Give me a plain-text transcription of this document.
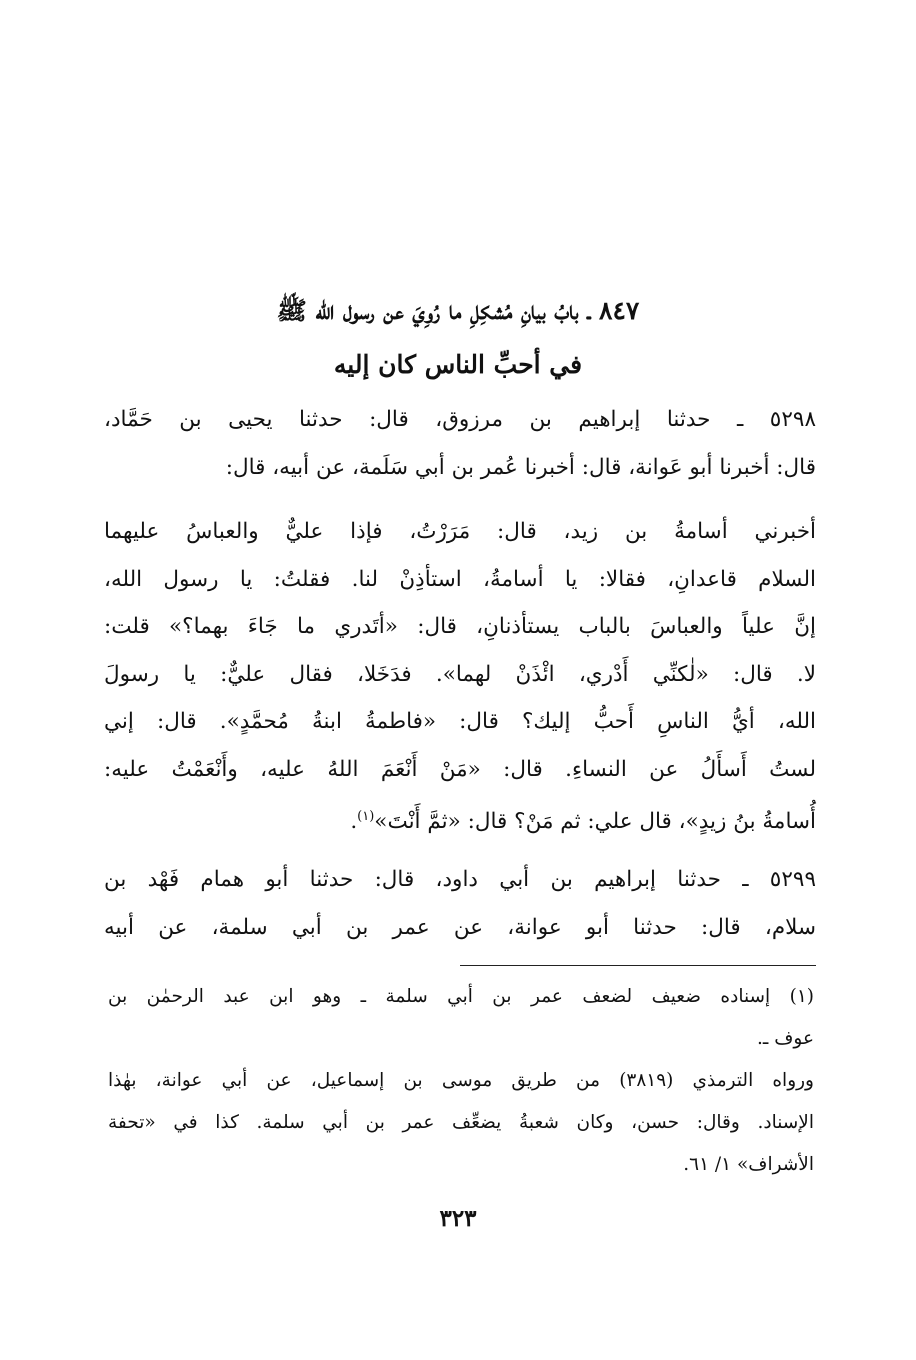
٨٤٧ ـ بابُ بيانِ مُشكِلِ ما رُوِيَ عن رسول الله ﷺ
في أحبِّ الناس كان إليه
٥٢٩٨ ـ حدثنا إبراهيم بن مرزوق، قال: حدثنا يحيى بن حَمَّاد،
قال: أخبرنا أبو عَوانة، قال: أخبرنا عُمر بن أبي سَلَمة، عن أبيه، قال:
أخبرني أسامةُ بن زيد، قال: مَرَرْتُ، فإذا عليٌّ والعباسُ عليهما
السلام قاعدانِ، فقالا: يا أسامةُ، استأذِنْ لنا. فقلتُ: يا رسول الله،
إنَّ علياً والعباسَ بالباب يستأذنانِ، قال: «أتَدري ما جَاءَ بهما؟» قلت:
لا. قال: «لٰكنِّي أَدْري، ائْذَنْ لهما». فدَخَلا، فقال عليٌّ: يا رسولَ
الله، أيُّ الناسِ أَحبُّ إليك؟ قال: «فاطمةُ ابنةُ مُحمَّدٍ». قال: إني
لستُ أَسأَلُ عن النساءِ. قال: «مَنْ أَنْعَمَ اللهُ عليه، وأَنْعَمْتُ عليه:
أُسامةُ بنُ زيدٍ»، قال علي: ثم مَنْ؟ قال: «ثمَّ أَنْتَ»$^{(١)}$.
٥٢٩٩ ـ حدثنا إبراهيم بن أبي داود، قال: حدثنا أبو همام فَهْد بن
سلام، قال: حدثنا أبو عوانة، عن عمر بن أبي سلمة، عن أبيه
(١) إسناده ضعيف لضعف عمر بن أبي سلمة ـ وهو ابن عبد الرحمٰن بن
عوف ـ.
ورواه الترمذي (٣٨١٩) من طريق موسى بن إسماعيل، عن أبي عوانة، بهٰذا
الإسناد. وقال: حسن، وكان شعبةُ يضعِّف عمر بن أبي سلمة. كذا في «تحفة
الأشراف» ١/ ٦١.
٣٢٣
